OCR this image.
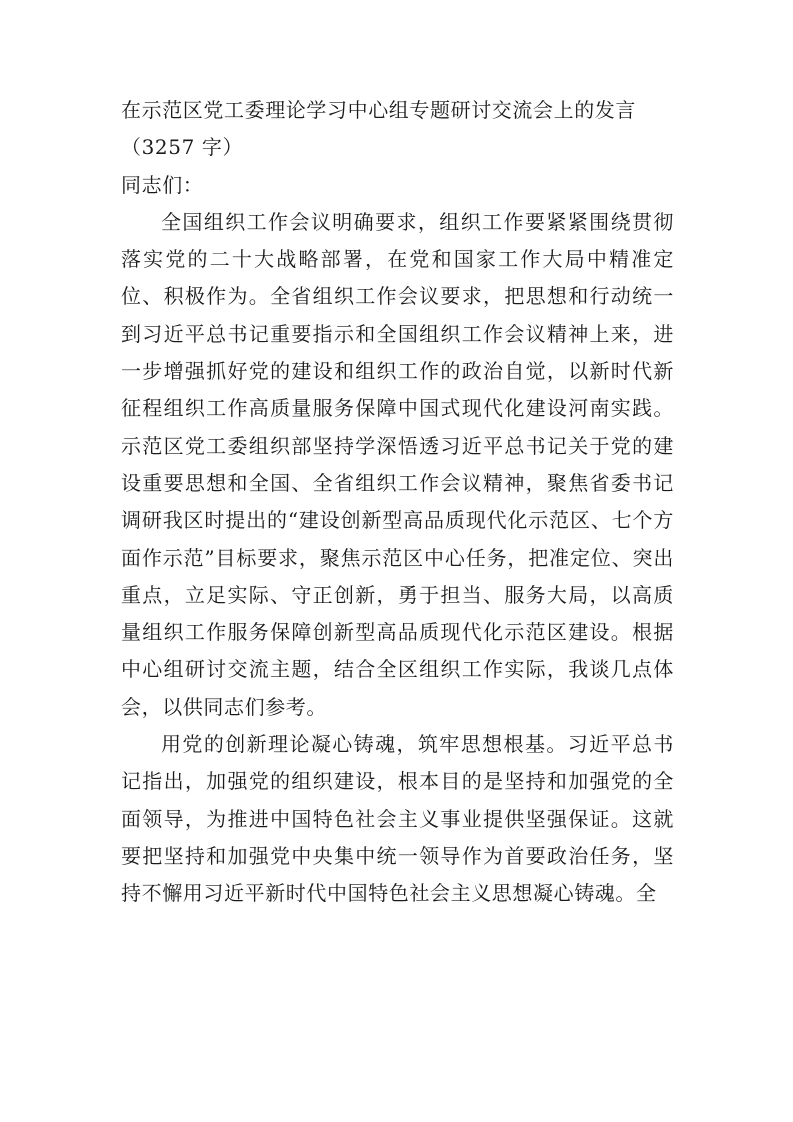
在示范区党工委理论学习中心组专题研讨交流会上的发言

（3257 字）

同志们：

全国组织工作会议明确要求，组织工作要紧紧围绕贯彻落实党的二十大战略部署，在党和国家工作大局中精准定位、积极作为。全省组织工作会议要求，把思想和行动统一到习近平总书记重要指示和全国组织工作会议精神上来，进一步增强抓好党的建设和组织工作的政治自觉，以新时代新征程组织工作高质量服务保障中国式现代化建设河南实践。示范区党工委组织部坚持学深悟透习近平总书记关于党的建设重要思想和全国、全省组织工作会议精神，聚焦省委书记调研我区时提出的“建设创新型高品质现代化示范区、七个方面作示范”目标要求，聚焦示范区中心任务，把准定位、突出重点，立足实际、守正创新，勇于担当、服务大局，以高质量组织工作服务保障创新型高品质现代化示范区建设。根据中心组研讨交流主题，结合全区组织工作实际，我谈几点体会，以供同志们参考。

用党的创新理论凝心铸魂，筑牢思想根基。习近平总书记指出，加强党的组织建设，根本目的是坚持和加强党的全面领导，为推进中国特色社会主义事业提供坚强保证。这就要把坚持和加强党中央集中统一领导作为首要政治任务，坚持不懈用习近平新时代中国特色社会主义思想凝心铸魂。全
